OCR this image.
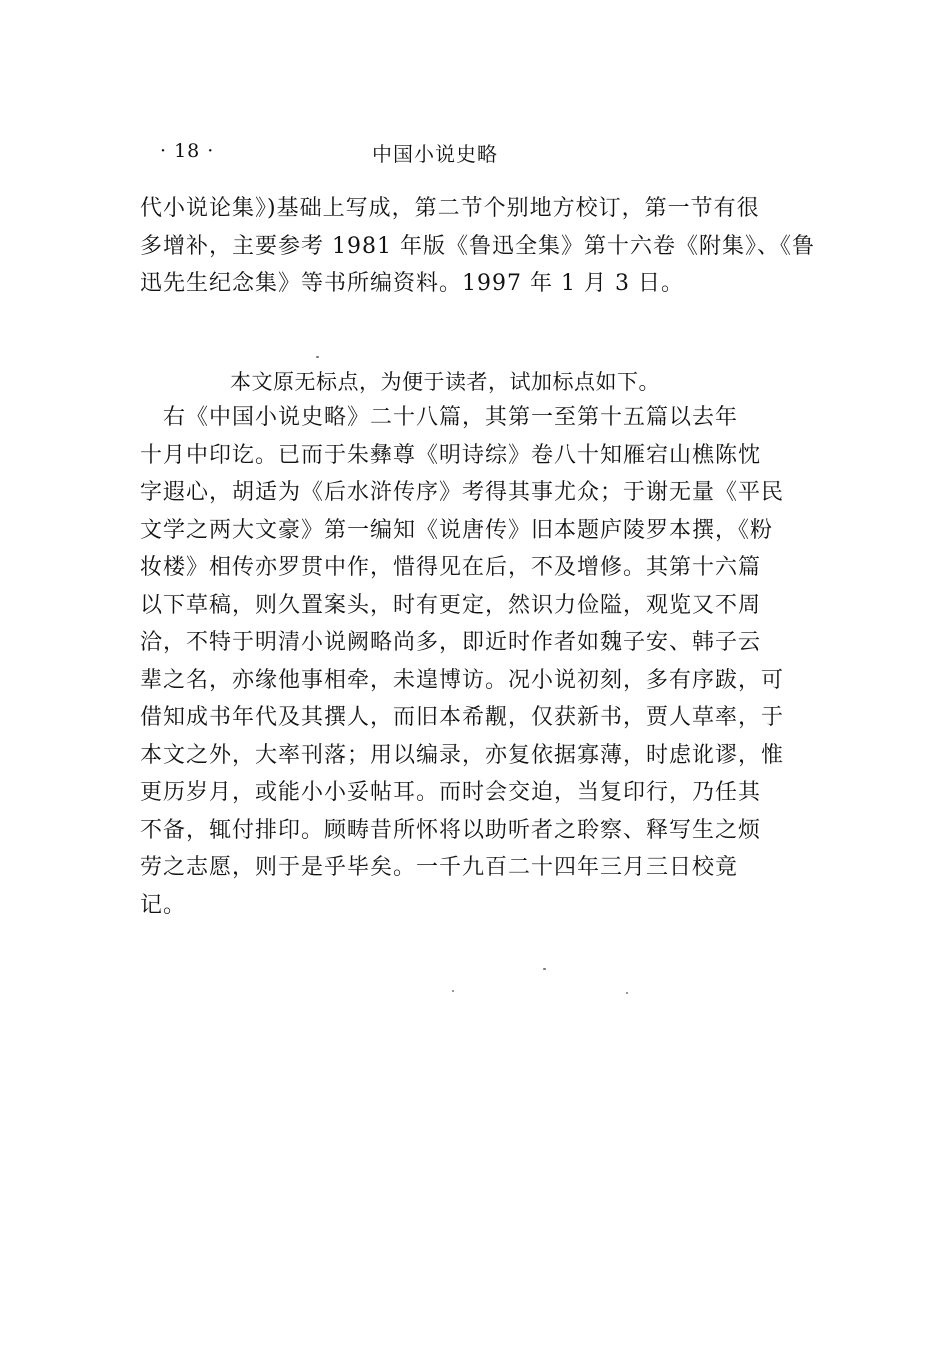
· 18 ·	中国小说史略
代小说论集》)基础上写成，第二节个别地方校订，第一节有很
多增补，主要参考 1981 年版《鲁迅全集》第十六卷《附集》、《鲁
迅先生纪念集》等书所编资料。1997 年 1 月 3 日。
本文原无标点，为便于读者，试加标点如下。
　右《中国小说史略》二十八篇，其第一至第十五篇以去年
十月中印讫。已而于朱彝尊《明诗综》卷八十知雁宕山樵陈忱
字遐心，胡适为《后水浒传序》考得其事尤众；于谢无量《平民
文学之两大文豪》第一编知《说唐传》旧本题庐陵罗本撰，《粉
妆楼》相传亦罗贯中作，惜得见在后，不及增修。其第十六篇
以下草稿，则久置案头，时有更定，然识力俭隘，观览又不周
洽，不特于明清小说阙略尚多，即近时作者如魏子安、韩子云
辈之名，亦缘他事相牵，未遑博访。况小说初刻，多有序跋，可
借知成书年代及其撰人，而旧本希觏，仅获新书，贾人草率，于
本文之外，大率刊落；用以编录，亦复依据寡薄，时虑讹谬，惟
更历岁月，或能小小妥帖耳。而时会交迫，当复印行，乃任其
不备，辄付排印。顾畴昔所怀将以助听者之聆察、释写生之烦
劳之志愿，则于是乎毕矣。一千九百二十四年三月三日校竟
记。
